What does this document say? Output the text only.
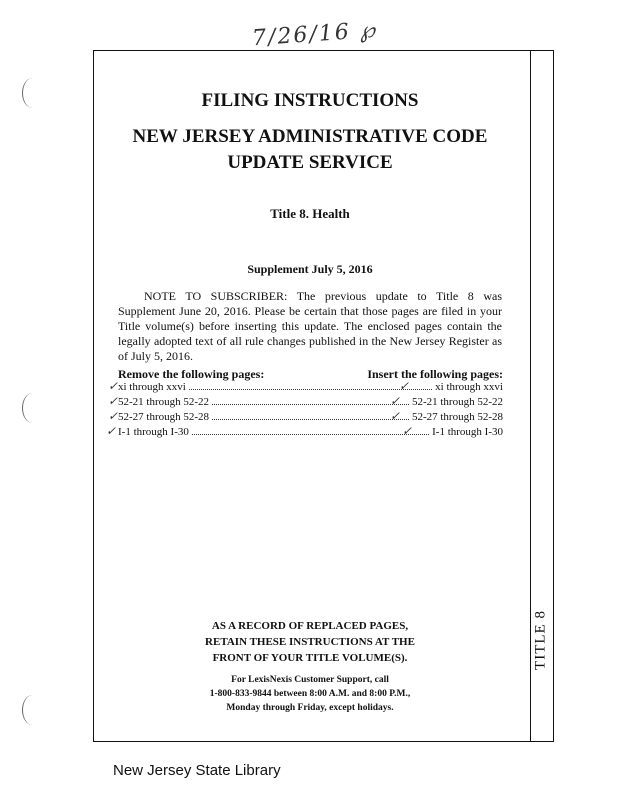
7/26/16 ℘
TITLE 8
FILING INSTRUCTIONS
NEW JERSEY ADMINISTRATIVE CODE
UPDATE SERVICE
Title 8. Health
Supplement July 5, 2016
NOTE TO SUBSCRIBER: The previous update to Title 8 was Supplement June 20, 2016. Please be certain that those pages are filed in your Title volume(s) before inserting this update. The enclosed pages contain the legally adopted text of all rule changes published in the New Jersey Register as of July 5, 2016.
Remove the following pages:	Insert the following pages:
xi through xxvi	xi through xxvi
52-21 through 52-22	52-21 through 52-22
52-27 through 52-28	52-27 through 52-28
I-1 through I-30	I-1 through I-30
✓
✓
✓
✓
✓
✓
✓
✓
AS A RECORD OF REPLACED PAGES,
RETAIN THESE INSTRUCTIONS AT THE
FRONT OF YOUR TITLE VOLUME(S).
For LexisNexis Customer Support, call
1-800-833-9844 between 8:00 A.M. and 8:00 P.M.,
Monday through Friday, except holidays.
New Jersey State Library
